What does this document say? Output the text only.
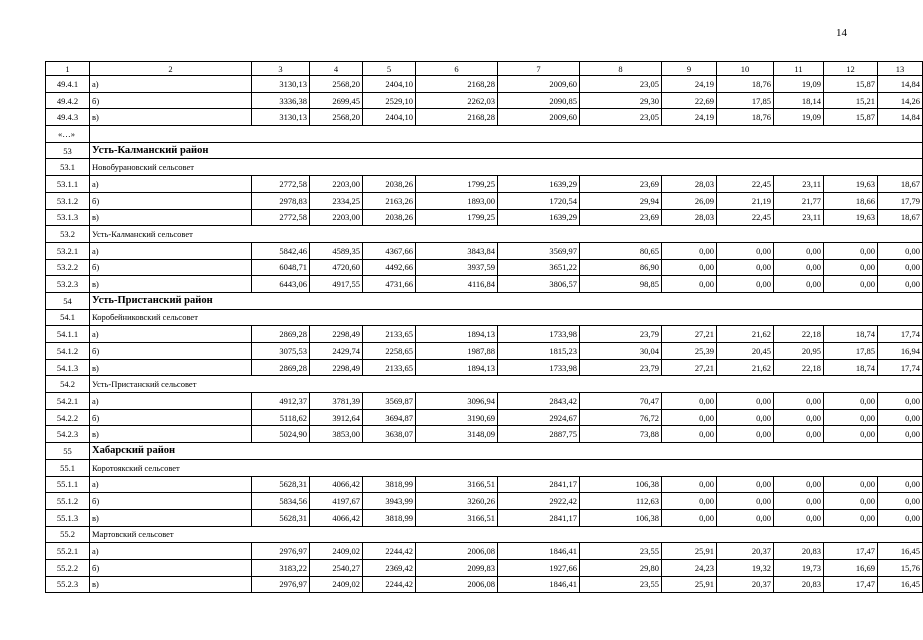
14
1	2	3	4	5	6	7	8	9	10	11	12	13
49.4.1	а)	3130,13	2568,20	2404,10	2168,28	2009,60	23,05	24,19	18,76	19,09	15,87	14,84
49.4.2	б)	3336,38	2699,45	2529,10	2262,03	2090,85	29,30	22,69	17,85	18,14	15,21	14,26
49.4.3	в)	3130,13	2568,20	2404,10	2168,28	2009,60	23,05	24,19	18,76	19,09	15,87	14,84
«…»												
53	Усть-Калманский район											
53.1	Новобурановский сельсовет											
53.1.1	а)	2772,58	2203,00	2038,26	1799,25	1639,29	23,69	28,03	22,45	23,11	19,63	18,67
53.1.2	б)	2978,83	2334,25	2163,26	1893,00	1720,54	29,94	26,09	21,19	21,77	18,66	17,79
53.1.3	в)	2772,58	2203,00	2038,26	1799,25	1639,29	23,69	28,03	22,45	23,11	19,63	18,67
53.2	Усть-Калманский сельсовет											
53.2.1	а)	5842,46	4589,35	4367,66	3843,84	3569,97	80,65	0,00	0,00	0,00	0,00	0,00
53.2.2	б)	6048,71	4720,60	4492,66	3937,59	3651,22	86,90	0,00	0,00	0,00	0,00	0,00
53.2.3	в)	6443,06	4917,55	4731,66	4116,84	3806,57	98,85	0,00	0,00	0,00	0,00	0,00
54	Усть-Пристанский район											
54.1	Коробейниковский сельсовет											
54.1.1	а)	2869,28	2298,49	2133,65	1894,13	1733,98	23,79	27,21	21,62	22,18	18,74	17,74
54.1.2	б)	3075,53	2429,74	2258,65	1987,88	1815,23	30,04	25,39	20,45	20,95	17,85	16,94
54.1.3	в)	2869,28	2298,49	2133,65	1894,13	1733,98	23,79	27,21	21,62	22,18	18,74	17,74
54.2	Усть-Пристанский сельсовет											
54.2.1	а)	4912,37	3781,39	3569,87	3096,94	2843,42	70,47	0,00	0,00	0,00	0,00	0,00
54.2.2	б)	5118,62	3912,64	3694,87	3190,69	2924,67	76,72	0,00	0,00	0,00	0,00	0,00
54.2.3	в)	5024,90	3853,00	3638,07	3148,09	2887,75	73,88	0,00	0,00	0,00	0,00	0,00
55	Хабарский район											
55.1	Коротоякский сельсовет											
55.1.1	а)	5628,31	4066,42	3818,99	3166,51	2841,17	106,38	0,00	0,00	0,00	0,00	0,00
55.1.2	б)	5834,56	4197,67	3943,99	3260,26	2922,42	112,63	0,00	0,00	0,00	0,00	0,00
55.1.3	в)	5628,31	4066,42	3818,99	3166,51	2841,17	106,38	0,00	0,00	0,00	0,00	0,00
55.2	Мартовский сельсовет											
55.2.1	а)	2976,97	2409,02	2244,42	2006,08	1846,41	23,55	25,91	20,37	20,83	17,47	16,45
55.2.2	б)	3183,22	2540,27	2369,42	2099,83	1927,66	29,80	24,23	19,32	19,73	16,69	15,76
55.2.3	в)	2976,97	2409,02	2244,42	2006,08	1846,41	23,55	25,91	20,37	20,83	17,47	16,45
